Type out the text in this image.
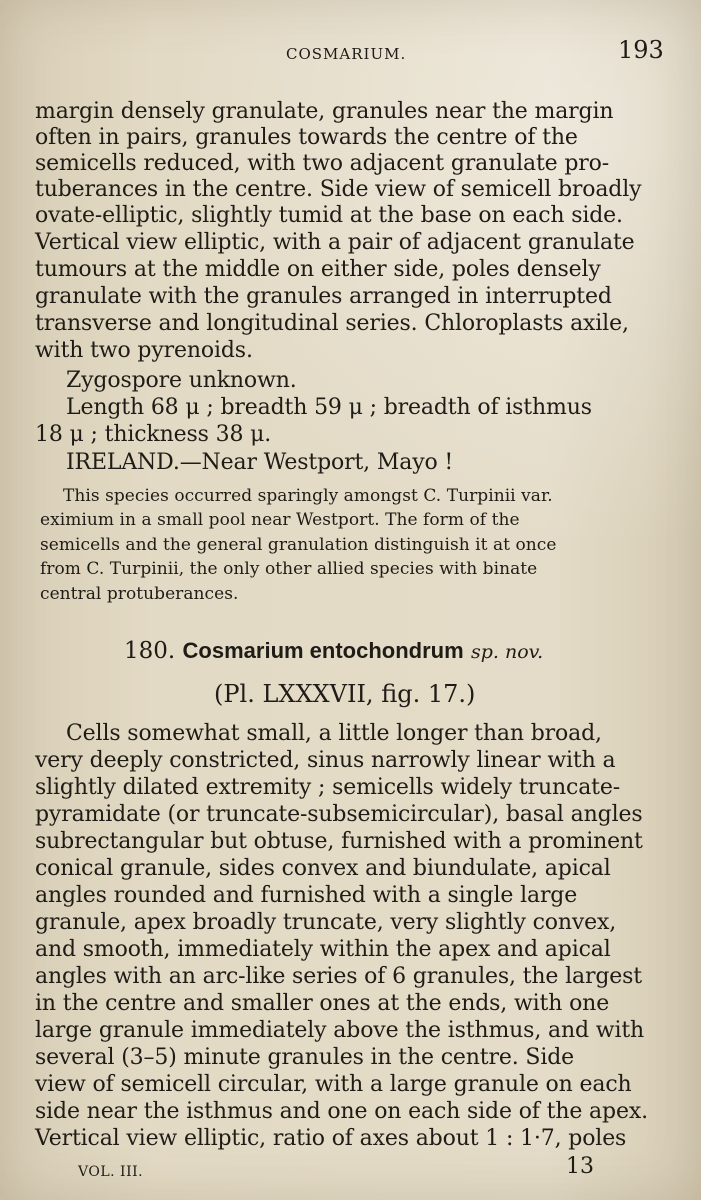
COSMARIUM.	193
margin densely granulate, granules near the margin
often in pairs, granules towards the centre of the
semicells reduced, with two adjacent granulate pro-
tuberances in the centre. Side view of semicell broadly
ovate-elliptic, slightly tumid at the base on each side.
Vertical view elliptic, with a pair of adjacent granulate
tumours at the middle on either side, poles densely
granulate with the granules arranged in interrupted
transverse and longitudinal series. Chloroplasts axile,
with two pyrenoids.
Zygospore unknown.
Length 68 μ ; breadth 59 μ ; breadth of isthmus
18 μ ; thickness 38 μ.
IRELAND.—Near Westport, Mayo !
This species occurred sparingly amongst C. Turpinii var.
eximium in a small pool near Westport. The form of the
semicells and the general granulation distinguish it at once
from C. Turpinii, the only other allied species with binate
central protuberances.
180. Cosmarium entochondrum sp. nov.
(Pl. LXXXVII, fig. 17.)
Cells somewhat small, a little longer than broad,
very deeply constricted, sinus narrowly linear with a
slightly dilated extremity ; semicells widely truncate-
pyramidate (or truncate-subsemicircular), basal angles
subrectangular but obtuse, furnished with a prominent
conical granule, sides convex and biundulate, apical
angles rounded and furnished with a single large
granule, apex broadly truncate, very slightly convex,
and smooth, immediately within the apex and apical
angles with an arc-like series of 6 granules, the largest
in the centre and smaller ones at the ends, with one
large granule immediately above the isthmus, and with
several (3–5) minute granules in the centre. Side
view of semicell circular, with a large granule on each
side near the isthmus and one on each side of the apex.
Vertical view elliptic, ratio of axes about 1 : 1·7, poles
VOL. III.	13
